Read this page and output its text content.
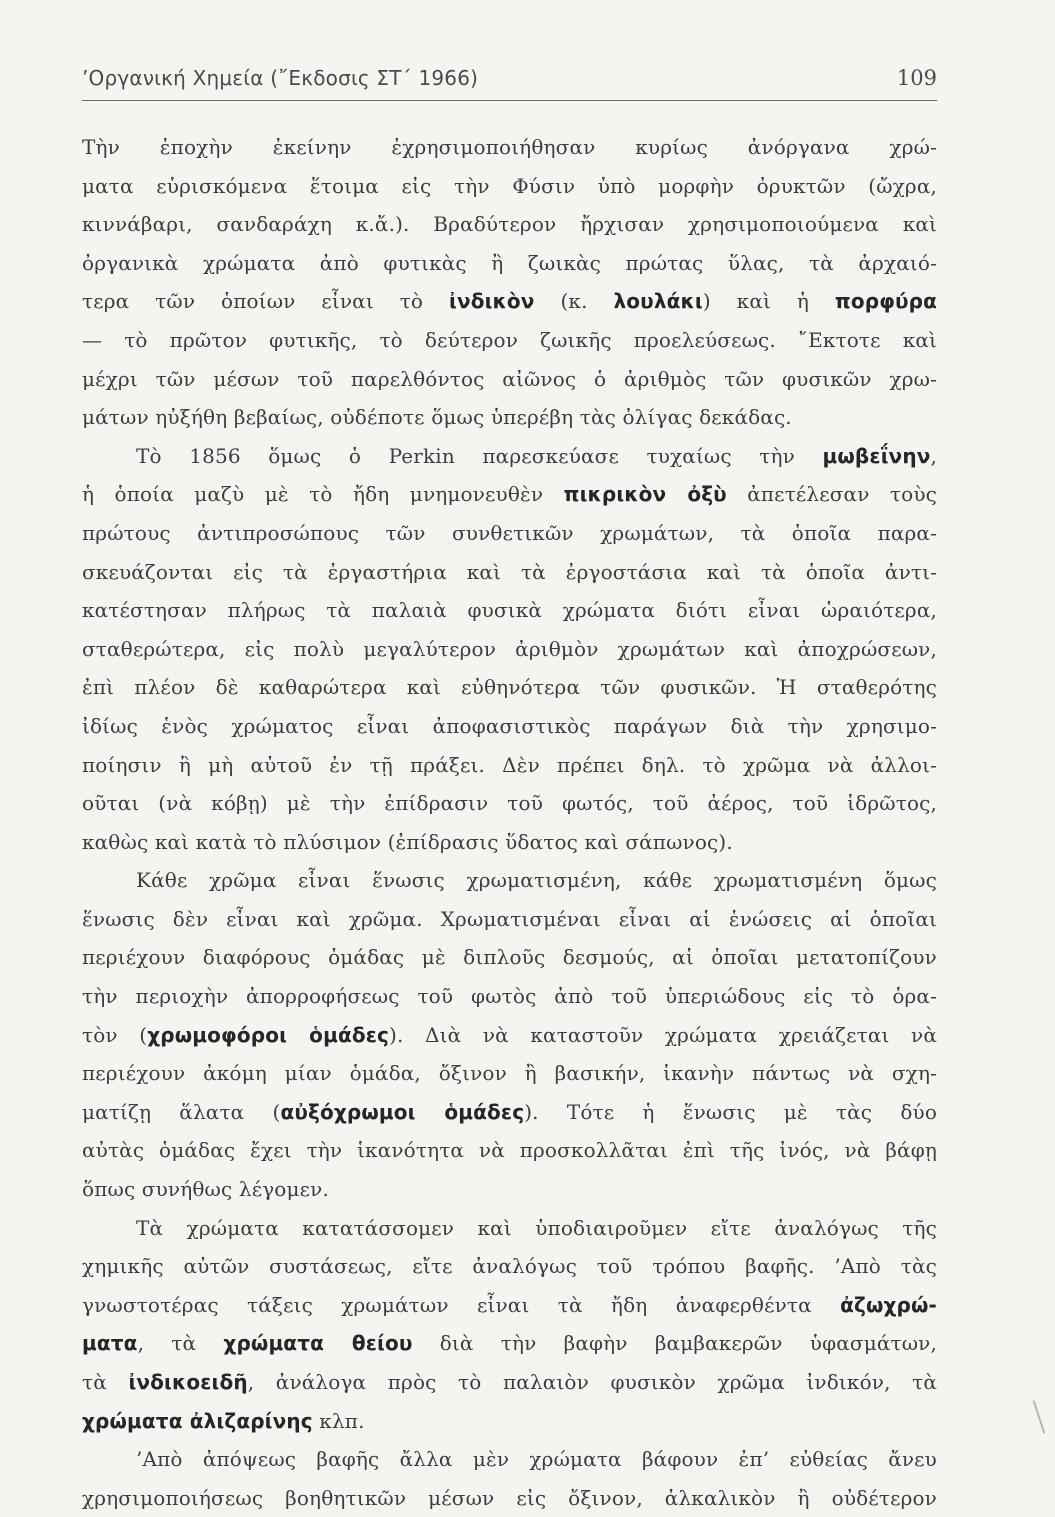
’Οργανική Χημεία (῎Εκδοσις ΣΤ΄ 1966)	109
Τὴν ἐποχὴν ἐκείνην ἐχρησιμοποιήθησαν κυρίως ἀνόργανα χρώ-
ματα εὑρισκόμενα ἕτοιμα εἰς τὴν Φύσιν ὑπὸ μορφὴν ὀρυκτῶν (ὤχρα,
κιννάβαρι, σανδαράχη κ.ἄ.). Βραδύτερον ἤρχισαν χρησιμοποιούμενα καὶ
ὀργανικὰ χρώματα ἀπὸ φυτικὰς ἢ ζωικὰς πρώτας ὕλας, τὰ ἀρχαιό-
τερα τῶν ὁποίων εἶναι τὸ ἰνδικὸν (κ. λουλάκι) καὶ ἡ πορφύρα
— τὸ πρῶτον φυτικῆς, τὸ δεύτερον ζωικῆς προελεύσεως. ῎Εκτοτε καὶ
μέχρι τῶν μέσων τοῦ παρελθόντος αἰῶνος ὁ ἀριθμὸς τῶν φυσικῶν χρω-
μάτων ηὐξήθη βεβαίως, οὐδέποτε ὅμως ὑπερέβη τὰς ὀλίγας δεκάδας.
Τὸ 1856 ὅμως ὁ Perkin παρεσκεύασε τυχαίως τὴν μωβεΐνην,
ἡ ὁποία μαζὺ μὲ τὸ ἤδη μνημονευθὲν πικρικὸν ὀξὺ ἀπετέλεσαν τοὺς
πρώτους ἀντιπροσώπους τῶν συνθετικῶν χρωμάτων, τὰ ὁποῖα παρα-
σκευάζονται εἰς τὰ ἐργαστήρια καὶ τὰ ἐργοστάσια καὶ τὰ ὁποῖα ἀντι-
κατέστησαν πλήρως τὰ παλαιὰ φυσικὰ χρώματα διότι εἶναι ὡραιότερα,
σταθερώτερα, εἰς πολὺ μεγαλύτερον ἀριθμὸν χρωμάτων καὶ ἀποχρώσεων,
ἐπὶ πλέον δὲ καθαρώτερα καὶ εὐθηνότερα τῶν φυσικῶν. Ἡ σταθερότης
ἰδίως ἑνὸς χρώματος εἶναι ἀποφασιστικὸς παράγων διὰ τὴν χρησιμο-
ποίησιν ἢ μὴ αὐτοῦ ἐν τῇ πράξει. Δὲν πρέπει δηλ. τὸ χρῶμα νὰ ἀλλοι-
οῦται (νὰ κόβῃ) μὲ τὴν ἐπίδρασιν τοῦ φωτός, τοῦ ἀέρος, τοῦ ἱδρῶτος,
καθὼς καὶ κατὰ τὸ πλύσιμον (ἐπίδρασις ὕδατος καὶ σάπωνος).
Κάθε χρῶμα εἶναι ἕνωσις χρωματισμένη, κάθε χρωματισμένη ὅμως
ἕνωσις δὲν εἶναι καὶ χρῶμα. Χρωματισμέναι εἶναι αἱ ἑνώσεις αἱ ὁποῖαι
περιέχουν διαφόρους ὁμάδας μὲ διπλοῦς δεσμούς, αἱ ὁποῖαι μετατοπίζουν
τὴν περιοχὴν ἀπορροφήσεως τοῦ φωτὸς ἀπὸ τοῦ ὑπεριώδους εἰς τὸ ὁρα-
τὸν (χρωμοφόροι ὁμάδες). Διὰ νὰ καταστοῦν χρώματα χρειάζεται νὰ
περιέχουν ἀκόμη μίαν ὁμάδα, ὄξινον ἢ βασικήν, ἱκανὴν πάντως νὰ σχη-
ματίζῃ ἅλατα (αὐξόχρωμοι ὁμάδες). Τότε ἡ ἕνωσις μὲ τὰς δύο
αὐτὰς ὁμάδας ἔχει τὴν ἱκανότητα νὰ προσκολλᾶται ἐπὶ τῆς ἰνός, νὰ βάφῃ
ὅπως συνήθως λέγομεν.
Τὰ χρώματα κατατάσσομεν καὶ ὑποδιαιροῦμεν εἴτε ἀναλόγως τῆς
χημικῆς αὐτῶν συστάσεως, εἴτε ἀναλόγως τοῦ τρόπου βαφῆς. ’Απὸ τὰς
γνωστοτέρας τάξεις χρωμάτων εἶναι τὰ ἤδη ἀναφερθέντα ἀζωχρώ-
ματα, τὰ χρώματα θείου διὰ τὴν βαφὴν βαμβακερῶν ὑφασμάτων,
τὰ ἰνδικοειδῆ, ἀνάλογα πρὸς τὸ παλαιὸν φυσικὸν χρῶμα ἰνδικόν, τὰ
χρώματα ἀλιζαρίνης κλπ.
’Απὸ ἀπόψεως βαφῆς ἄλλα μὲν χρώματα βάφουν ἐπ’ εὐθείας ἄνευ
χρησιμοποιήσεως βοηθητικῶν μέσων εἰς ὄξινον, ἀλκαλικὸν ἢ οὐδέτερον
